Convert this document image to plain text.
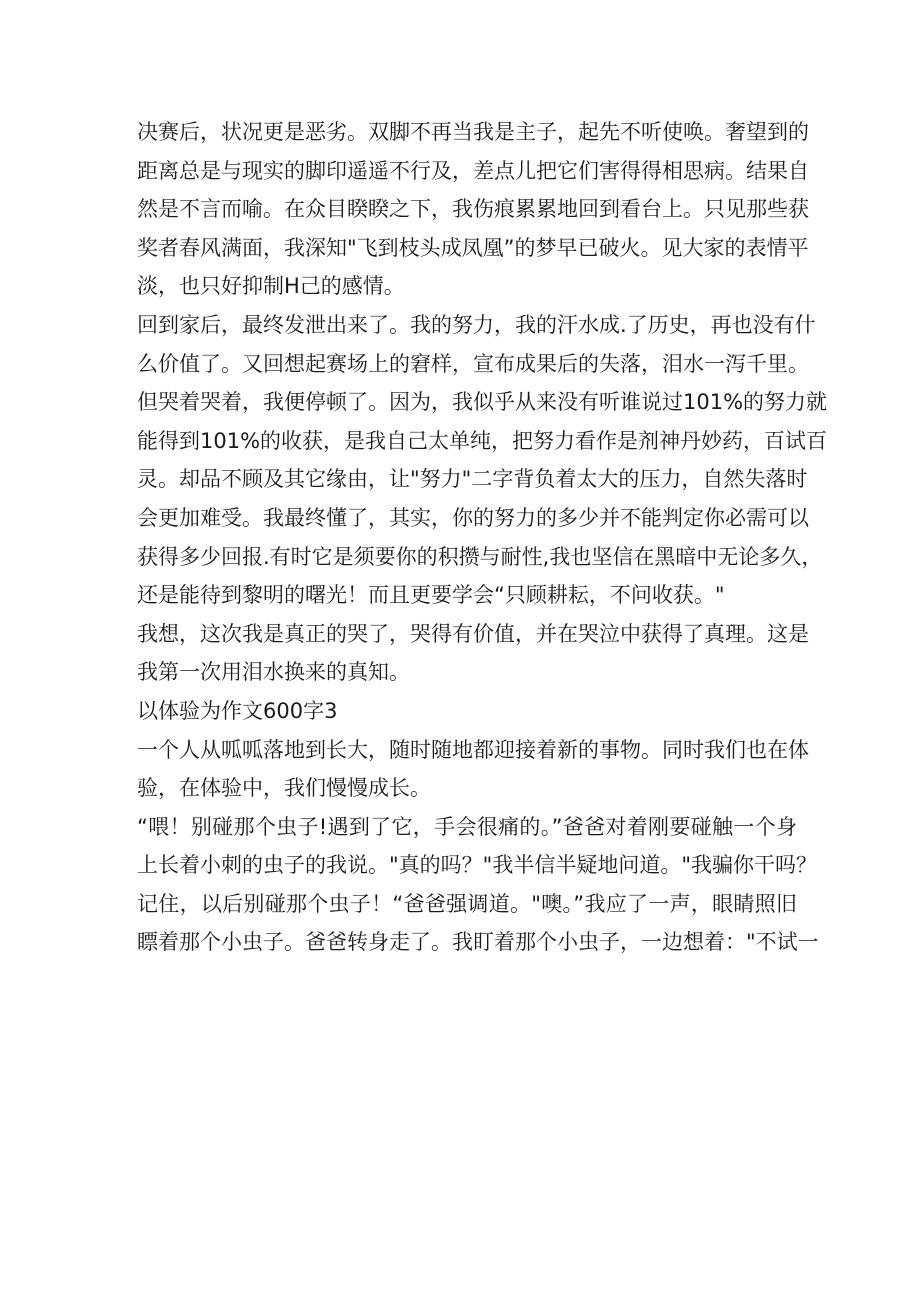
决赛后，状况更是恶劣。双脚不再当我是主子，起先不听使唤。奢望到的
距离总是与现实的脚印遥遥不行及，差点儿把它们害得得相思病。结果自
然是不言而喻。在众目睽睽之下，我伤痕累累地回到看台上。只见那些获
奖者春风满面，我深知"飞到枝头成凤凰”的梦早已破火。见大家的表情平
淡，也只好抑制H己的感情。
回到家后，最终发泄出来了。我的努力，我的汗水成.了历史，再也没有什
么价值了。又回想起赛场上的窘样，宣布成果后的失落，泪水一泻千里。
但哭着哭着，我便停顿了。因为，我似乎从来没有听谁说过101%的努力就
能得到101%的收获，是我自己太单纯，把努力看作是剂神丹妙药，百试百
灵。却品不顾及其它缘由，让"努力"二字背负着太大的压力，自然失落时
会更加难受。我最终懂了，其实，你的努力的多少并不能判定你必需可以
获得多少回报.有时它是须要你的积攒与耐性,我也坚信在黑暗中无论多久，
还是能待到黎明的曙光！而且更要学会“只顾耕耘，不问收获。"
我想，这次我是真正的哭了，哭得有价值，并在哭泣中获得了真理。这是
我第一次用泪水换来的真知。
以体验为作文600字3
一个人从呱呱落地到长大，随时随地都迎接着新的事物。同时我们也在体
验，在体验中，我们慢慢成长。
“喂！别碰那个虫子!遇到了它，手会很痛的。”爸爸对着刚要碰触一个身
上长着小刺的虫子的我说。"真的吗？"我半信半疑地问道。"我骗你干吗？
记住，以后别碰那个虫子！“爸爸强调道。"噢。”我应了一声，眼睛照旧
瞟着那个小虫子。爸爸转身走了。我盯着那个小虫子，一边想着："不试一
